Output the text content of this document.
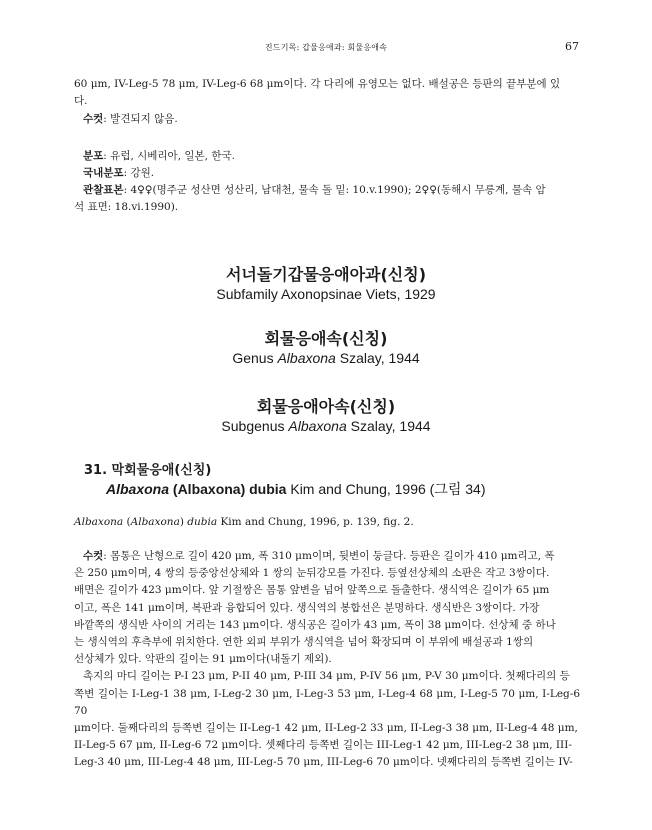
진드기목: 갑물응애과: 회물응애속	67

60 μm, IV-Leg-5 78 μm, IV-Leg-6 68 μm이다. 각 다리에 유영모는 없다. 배설공은 등판의 끝부분에 있

다.

수컷: 발견되지 않음.

분포: 유럽, 시베리아, 일본, 한국.

국내분포: 강원.

관찰표본: 4♀♀(명주군 성산면 성산리, 남대천, 물속 돌 밑: 10.v.1990); 2♀♀(동해시 무릉계, 물속 암

석 표면: 18.vi.1990).

서너돌기갑물응애아과(신칭)
Subfamily Axonopsinae Viets, 1929
회물응애속(신칭)
Genus Albaxona Szalay, 1944
회물응애아속(신칭)
Subgenus Albaxona Szalay, 1944
31. 막회물응애(신칭)
Albaxona (Albaxona) dubia Kim and Chung, 1996 (그림 34)
Albaxona (Albaxona) dubia Kim and Chung, 1996, p. 139, fig. 2.

수컷: 몸통은 난형으로 길이 420 μm, 폭 310 μm이며, 뒷변이 둥글다. 등판은 길이가 410 μm리고, 폭

은 250 μm이며, 4 쌍의 등중앙선상체와 1 쌍의 눈뒤강모를 가진다. 등옆선상체의 소판은 작고 3쌍이다.

배면은 길이가 423 μm이다. 앞 기절쌍은 몸통 앞변을 넘어 앞쪽으로 돌출한다. 생식역은 길이가 65 μm

이고, 폭은 141 μm이며, 복판과 융합되어 있다. 생식역의 봉합선은 분명하다. 생식반은 3쌍이다. 가장

바깥쪽의 생식반 사이의 거리는 143 μm이다. 생식공은 길이가 43 μm, 폭이 38 μm이다. 선상체 중 하나

는 생식역의 후측부에 위치한다. 연한 외피 부위가 생식역을 넘어 확장되며 이 부위에 배설공과 1쌍의

선상체가 있다. 악판의 길이는 91 μm이다(내돌기 제외).

촉지의 마디 길이는 P-I 23 μm, P-II 40 μm, P-III 34 μm, P-IV 56 μm, P-V 30 μm이다. 첫째다리의 등

쪽변 길이는 I-Leg-1 38 μm, I-Leg-2 30 μm, I-Leg-3 53 μm, I-Leg-4 68 μm, I-Leg-5 70 μm, I-Leg-6 70

μm이다. 둘째다리의 등쪽변 길이는 II-Leg-1 42 μm, II-Leg-2 33 μm, II-Leg-3 38 μm, II-Leg-4 48 μm,

II-Leg-5 67 μm, II-Leg-6 72 μm이다. 셋째다리 등쪽변 길이는 III-Leg-1 42 μm, III-Leg-2 38 μm, III-

Leg-3 40 μm, III-Leg-4 48 μm, III-Leg-5 70 μm, III-Leg-6 70 μm이다. 넷째다리의 등쪽변 길이는 IV-
